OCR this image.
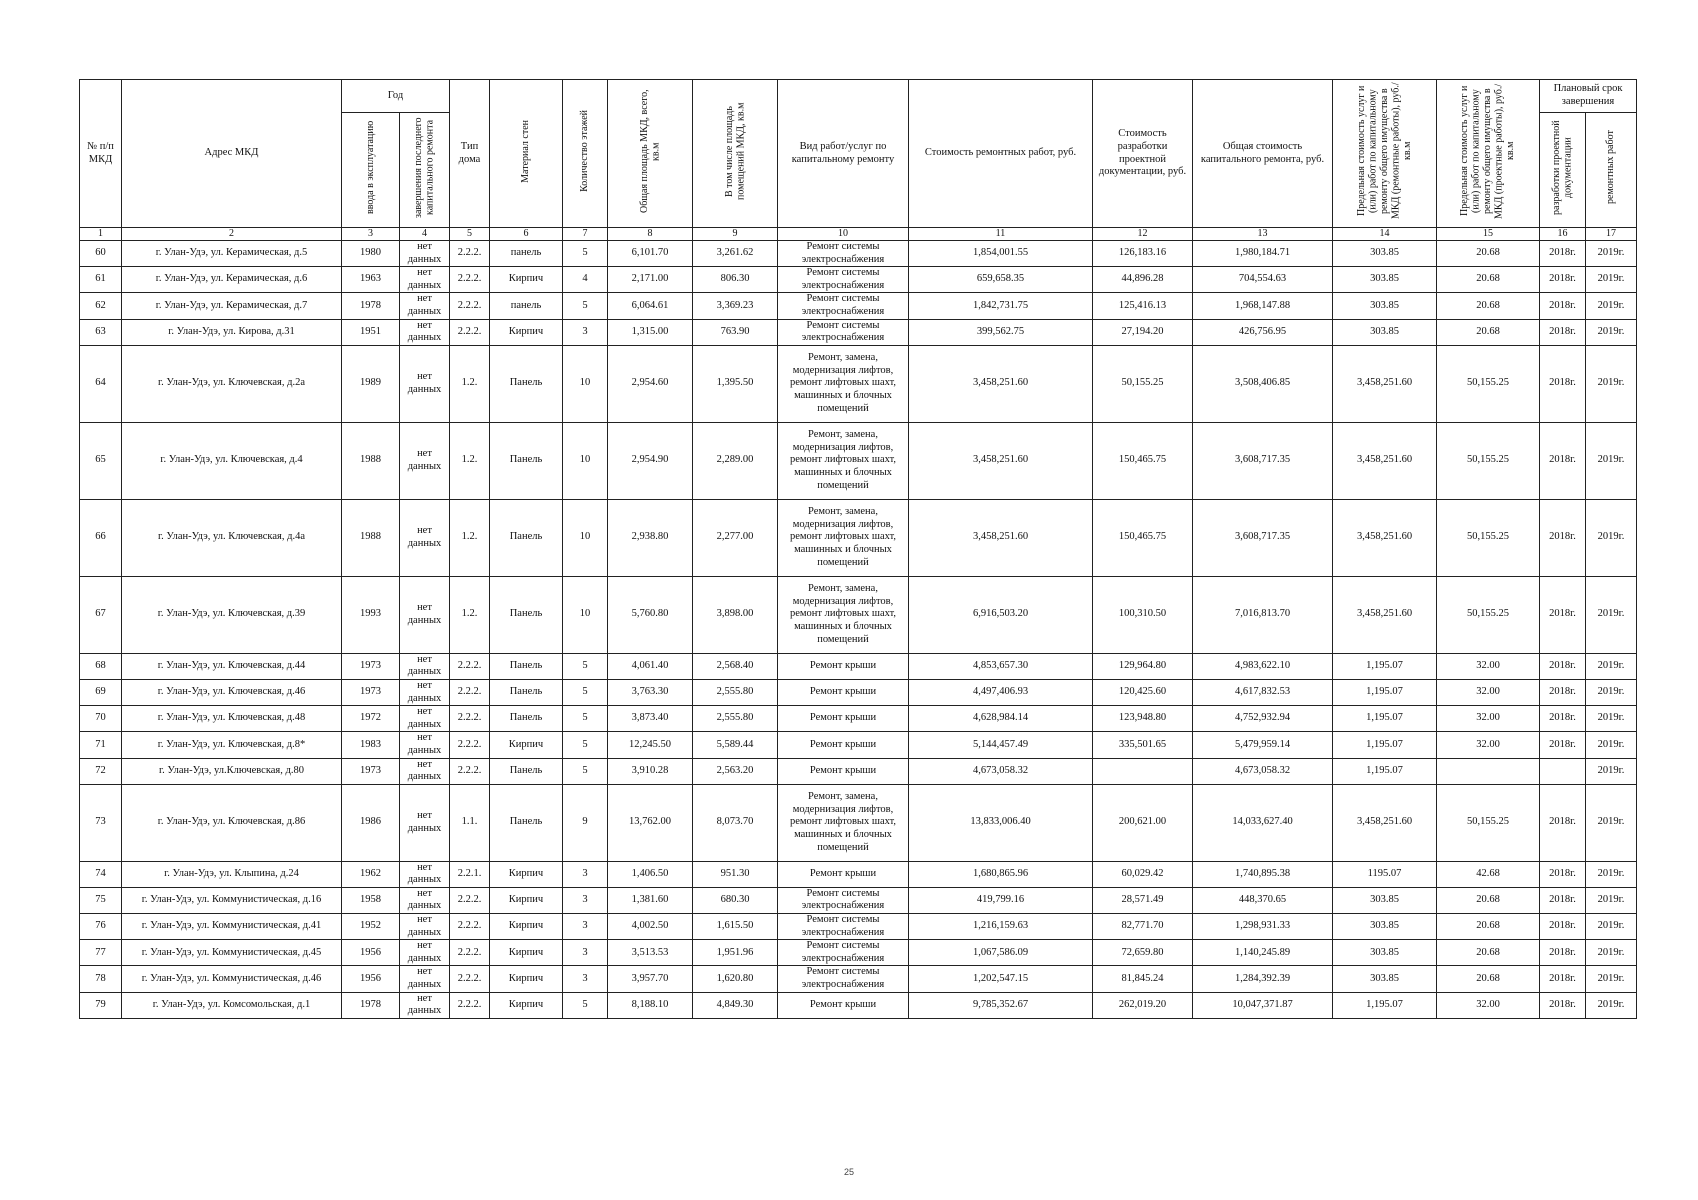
№ п/п МКД	Адрес МКД	Год		Тип дома	Материал стен	Количество этажей	Общая площадь МКД, всего, кв.м	В том числе площадь помещений МКД, кв.м	Вид работ/услуг по капитальному ремонту	Стоимость ремонтных работ, руб.	Стоимость разработки проектной документации, руб.	Общая стоимость капитального ремонта, руб.	Предельная стоимость услуг и (или) работ по капитальному ремонту общего имущества в МКД (ремонтные работы), руб./кв.м	Предельная стоимость услуг и (или) работ по капитальному ремонту общего имущества в МКД (проектные работы), руб./кв.м	Плановый срок завершения	
		ввода в эксплуатацию	завершения последнего капитального ремонта												разработки проектной документации	ремонтных работ
1	2	3	4	5	6	7	8	9	10	11	12	13	14	15	16	17
60	г. Улан-Удэ, ул. Керамическая, д.5	1980	нет данных	2.2.2.	панель	5	6,101.70	3,261.62	Ремонт системы электроснабжения	1,854,001.55	126,183.16	1,980,184.71	303.85	20.68	2018г.	2019г.
61	г. Улан-Удэ, ул. Керамическая, д.6	1963	нет данных	2.2.2.	Кирпич	4	2,171.00	806.30	Ремонт системы электроснабжения	659,658.35	44,896.28	704,554.63	303.85	20.68	2018г.	2019г.
62	г. Улан-Удэ, ул. Керамическая, д.7	1978	нет данных	2.2.2.	панель	5	6,064.61	3,369.23	Ремонт системы электроснабжения	1,842,731.75	125,416.13	1,968,147.88	303.85	20.68	2018г.	2019г.
63	г. Улан-Удэ, ул. Кирова, д.31	1951	нет данных	2.2.2.	Кирпич	3	1,315.00	763.90	Ремонт системы электроснабжения	399,562.75	27,194.20	426,756.95	303.85	20.68	2018г.	2019г.
64	г. Улан-Удэ, ул. Ключевская, д.2а	1989	нет данных	1.2.	Панель	10	2,954.60	1,395.50	Ремонт, замена, модернизация лифтов, ремонт лифтовых шахт, машинных и блочных помещений	3,458,251.60	50,155.25	3,508,406.85	3,458,251.60	50,155.25	2018г.	2019г.
65	г. Улан-Удэ, ул. Ключевская, д.4	1988	нет данных	1.2.	Панель	10	2,954.90	2,289.00	Ремонт, замена, модернизация лифтов, ремонт лифтовых шахт, машинных и блочных помещений	3,458,251.60	150,465.75	3,608,717.35	3,458,251.60	50,155.25	2018г.	2019г.
66	г. Улан-Удэ, ул. Ключевская, д.4а	1988	нет данных	1.2.	Панель	10	2,938.80	2,277.00	Ремонт, замена, модернизация лифтов, ремонт лифтовых шахт, машинных и блочных помещений	3,458,251.60	150,465.75	3,608,717.35	3,458,251.60	50,155.25	2018г.	2019г.
67	г. Улан-Удэ, ул. Ключевская, д.39	1993	нет данных	1.2.	Панель	10	5,760.80	3,898.00	Ремонт, замена, модернизация лифтов, ремонт лифтовых шахт, машинных и блочных помещений	6,916,503.20	100,310.50	7,016,813.70	3,458,251.60	50,155.25	2018г.	2019г.
68	г. Улан-Удэ, ул. Ключевская, д.44	1973	нет данных	2.2.2.	Панель	5	4,061.40	2,568.40	Ремонт крыши	4,853,657.30	129,964.80	4,983,622.10	1,195.07	32.00	2018г.	2019г.
69	г. Улан-Удэ, ул. Ключевская, д.46	1973	нет данных	2.2.2.	Панель	5	3,763.30	2,555.80	Ремонт крыши	4,497,406.93	120,425.60	4,617,832.53	1,195.07	32.00	2018г.	2019г.
70	г. Улан-Удэ, ул. Ключевская, д.48	1972	нет данных	2.2.2.	Панель	5	3,873.40	2,555.80	Ремонт крыши	4,628,984.14	123,948.80	4,752,932.94	1,195.07	32.00	2018г.	2019г.
71	г. Улан-Удэ, ул. Ключевская, д.8*	1983	нет данных	2.2.2.	Кирпич	5	12,245.50	5,589.44	Ремонт крыши	5,144,457.49	335,501.65	5,479,959.14	1,195.07	32.00	2018г.	2019г.
72	г. Улан-Удэ, ул.Ключевская, д.80	1973	нет данных	2.2.2.	Панель	5	3,910.28	2,563.20	Ремонт крыши	4,673,058.32		4,673,058.32	1,195.07			2019г.
73	г. Улан-Удэ, ул. Ключевская, д.86	1986	нет данных	1.1.	Панель	9	13,762.00	8,073.70	Ремонт, замена, модернизация лифтов, ремонт лифтовых шахт, машинных и блочных помещений	13,833,006.40	200,621.00	14,033,627.40	3,458,251.60	50,155.25	2018г.	2019г.
74	г. Улан-Удэ, ул. Клыпина, д.24	1962	нет данных	2.2.1.	Кирпич	3	1,406.50	951.30	Ремонт крыши	1,680,865.96	60,029.42	1,740,895.38	1195.07	42.68	2018г.	2019г.
75	г. Улан-Удэ, ул. Коммунистическая, д.16	1958	нет данных	2.2.2.	Кирпич	3	1,381.60	680.30	Ремонт системы электроснабжения	419,799.16	28,571.49	448,370.65	303.85	20.68	2018г.	2019г.
76	г. Улан-Удэ, ул. Коммунистическая, д.41	1952	нет данных	2.2.2.	Кирпич	3	4,002.50	1,615.50	Ремонт системы электроснабжения	1,216,159.63	82,771.70	1,298,931.33	303.85	20.68	2018г.	2019г.
77	г. Улан-Удэ, ул. Коммунистическая, д.45	1956	нет данных	2.2.2.	Кирпич	3	3,513.53	1,951.96	Ремонт системы электроснабжения	1,067,586.09	72,659.80	1,140,245.89	303.85	20.68	2018г.	2019г.
78	г. Улан-Удэ, ул. Коммунистическая, д.46	1956	нет данных	2.2.2.	Кирпич	3	3,957.70	1,620.80	Ремонт системы электроснабжения	1,202,547.15	81,845.24	1,284,392.39	303.85	20.68	2018г.	2019г.
79	г. Улан-Удэ, ул. Комсомольская, д.1	1978	нет данных	2.2.2.	Кирпич	5	8,188.10	4,849.30	Ремонт крыши	9,785,352.67	262,019.20	10,047,371.87	1,195.07	32.00	2018г.	2019г.
25
